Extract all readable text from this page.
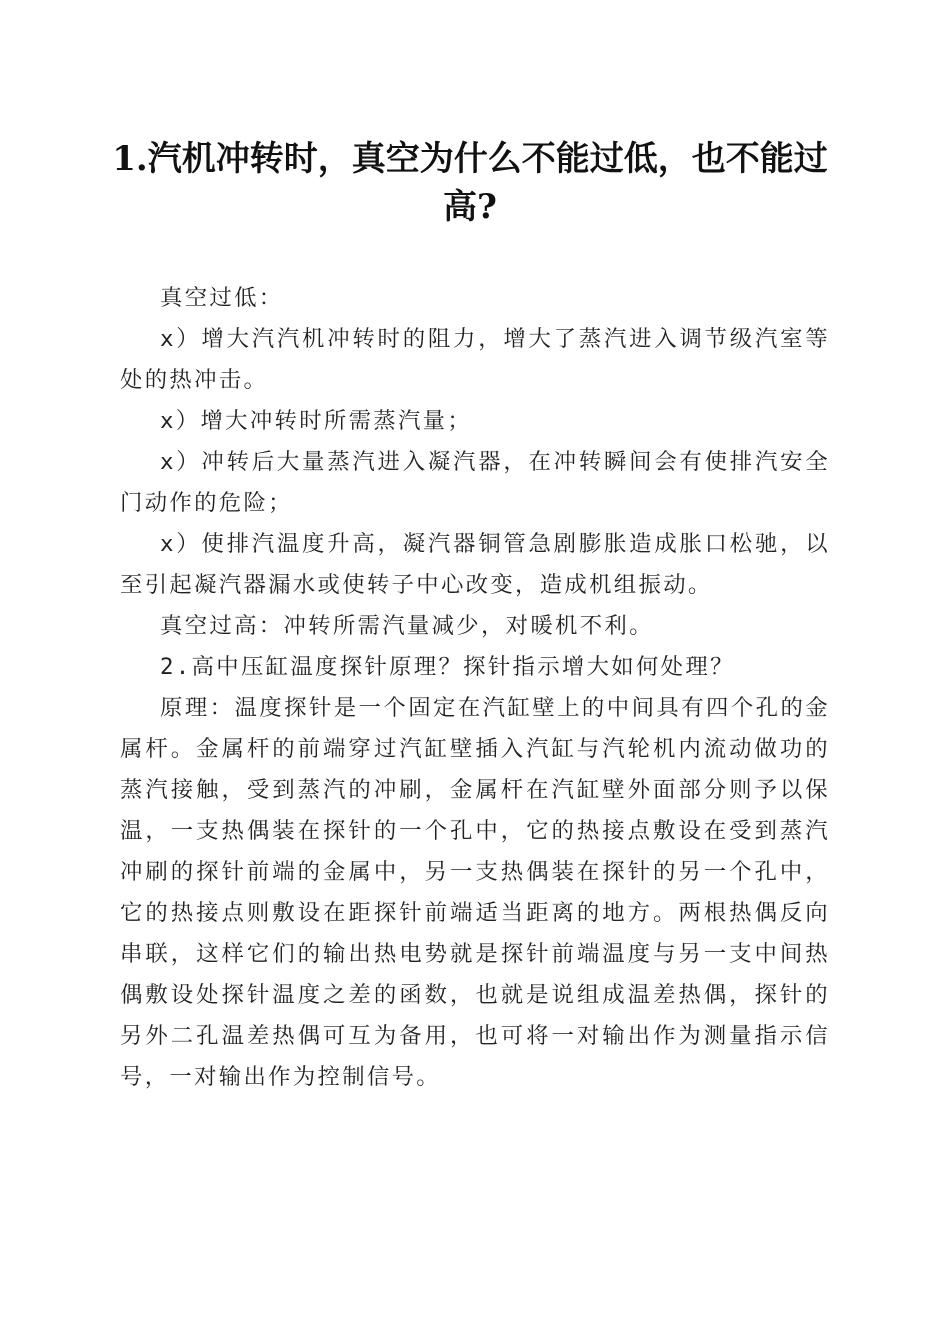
1.汽机冲转时，真空为什么不能过低，也不能过高?

真空过低：

x）增大汽汽机冲转时的阻力，增大了蒸汽进入调节级汽室等处的热冲击。

x）增大冲转时所需蒸汽量；

x）冲转后大量蒸汽进入凝汽器，在冲转瞬间会有使排汽安全门动作的危险；

x）使排汽温度升高，凝汽器铜管急剧膨胀造成胀口松驰，以至引起凝汽器漏水或使转子中心改变，造成机组振动。

真空过高：冲转所需汽量减少，对暖机不利。

2.高中压缸温度探针原理？探针指示增大如何处理？

原理：温度探针是一个固定在汽缸壁上的中间具有四个孔的金属杆。金属杆的前端穿过汽缸壁插入汽缸与汽轮机内流动做功的蒸汽接触，受到蒸汽的冲刷，金属杆在汽缸壁外面部分则予以保温，一支热偶装在探针的一个孔中，它的热接点敷设在受到蒸汽冲刷的探针前端的金属中，另一支热偶装在探针的另一个孔中，它的热接点则敷设在距探针前端适当距离的地方。两根热偶反向串联，这样它们的输出热电势就是探针前端温度与另一支中间热偶敷设处探针温度之差的函数，也就是说组成温差热偶，探针的另外二孔温差热偶可互为备用，也可将一对输出作为测量指示信号，一对输出作为控制信号。
